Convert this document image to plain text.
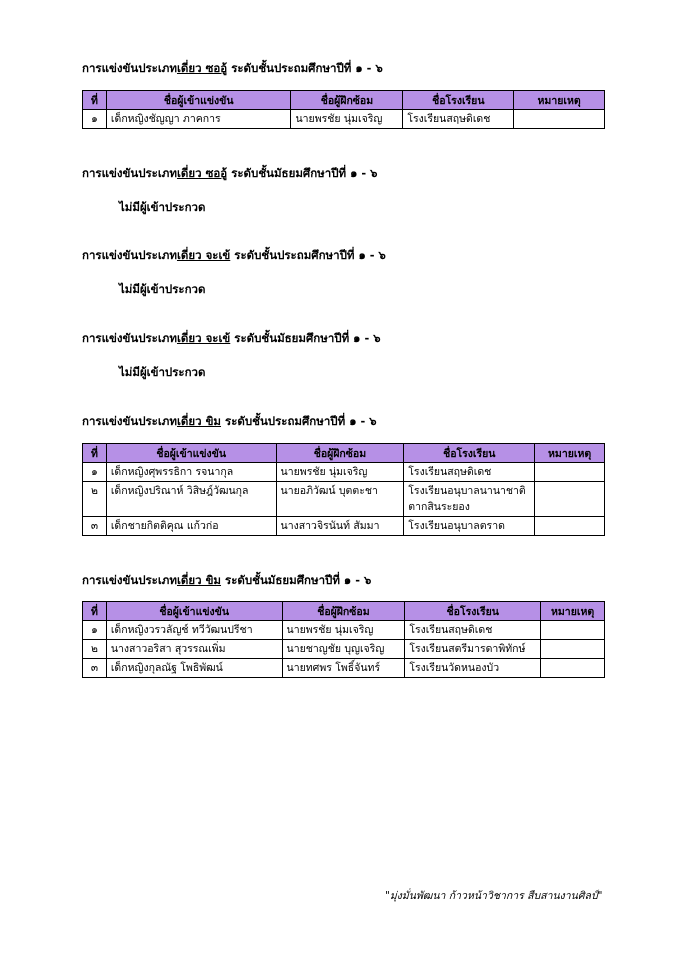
การแข่งขันประเภทเดี่ยว ซออู้ ระดับชั้นประถมศึกษาปีที่ ๑ - ๖
ที่	ชื่อผู้เข้าแข่งขัน	ชื่อผู้ฝึกซ้อม	ชื่อโรงเรียน	หมายเหตุ
๑	เด็กหญิงชัญญา ภาคการ	นายพรชัย นุ่มเจริญ	โรงเรียนสฤษดิเดช	
การแข่งขันประเภทเดี่ยว ซออู้ ระดับชั้นมัธยมศึกษาปีที่ ๑ - ๖
ไม่มีผู้เข้าประกวด
การแข่งขันประเภทเดี่ยว จะเข้ ระดับชั้นประถมศึกษาปีที่ ๑ - ๖
ไม่มีผู้เข้าประกวด
การแข่งขันประเภทเดี่ยว จะเข้ ระดับชั้นมัธยมศึกษาปีที่ ๑ - ๖
ไม่มีผู้เข้าประกวด
การแข่งขันประเภทเดี่ยว ขิม ระดับชั้นประถมศึกษาปีที่ ๑ - ๖
ที่	ชื่อผู้เข้าแข่งขัน	ชื่อผู้ฝึกซ้อม	ชื่อโรงเรียน	หมายเหตุ
๑	เด็กหญิงศุพรรธิกา รจนากุล	นายพรชัย นุ่มเจริญ	โรงเรียนสฤษดิเดช	
๒	เด็กหญิงปริณาห์ วิสิษฎ์วัฒนกุล	นายอภิวัฒน์ บุตตะชา	โรงเรียนอนุบาลนานาชาติ
ตากสินระยอง	

๓	เด็กชายกิตติคุณ แก้วก่อ	นางสาวจิรนันท์ สัมมา	โรงเรียนอนุบาลตราด	
การแข่งขันประเภทเดี่ยว ขิม ระดับชั้นมัธยมศึกษาปีที่ ๑ - ๖
ที่	ชื่อผู้เข้าแข่งขัน	ชื่อผู้ฝึกซ้อม	ชื่อโรงเรียน	หมายเหตุ
๑	เด็กหญิงวรวลัญช์ ทวีวัฒนปรีชา	นายพรชัย นุ่มเจริญ	โรงเรียนสฤษดิเดช	
๒	นางสาวอริสา สุวรรณเพิ่ม	นายชาญชัย บุญเจริญ	โรงเรียนสตรีมารดาพิทักษ์	
๓	เด็กหญิงกุลณัฐ โพธิพัฒน์	นายทศพร โพธิ์จันทร์	โรงเรียนวัดหนองบัว	
"มุ่งมั่นพัฒนา ก้าวหน้าวิชาการ สืบสานงานศิลป์"
